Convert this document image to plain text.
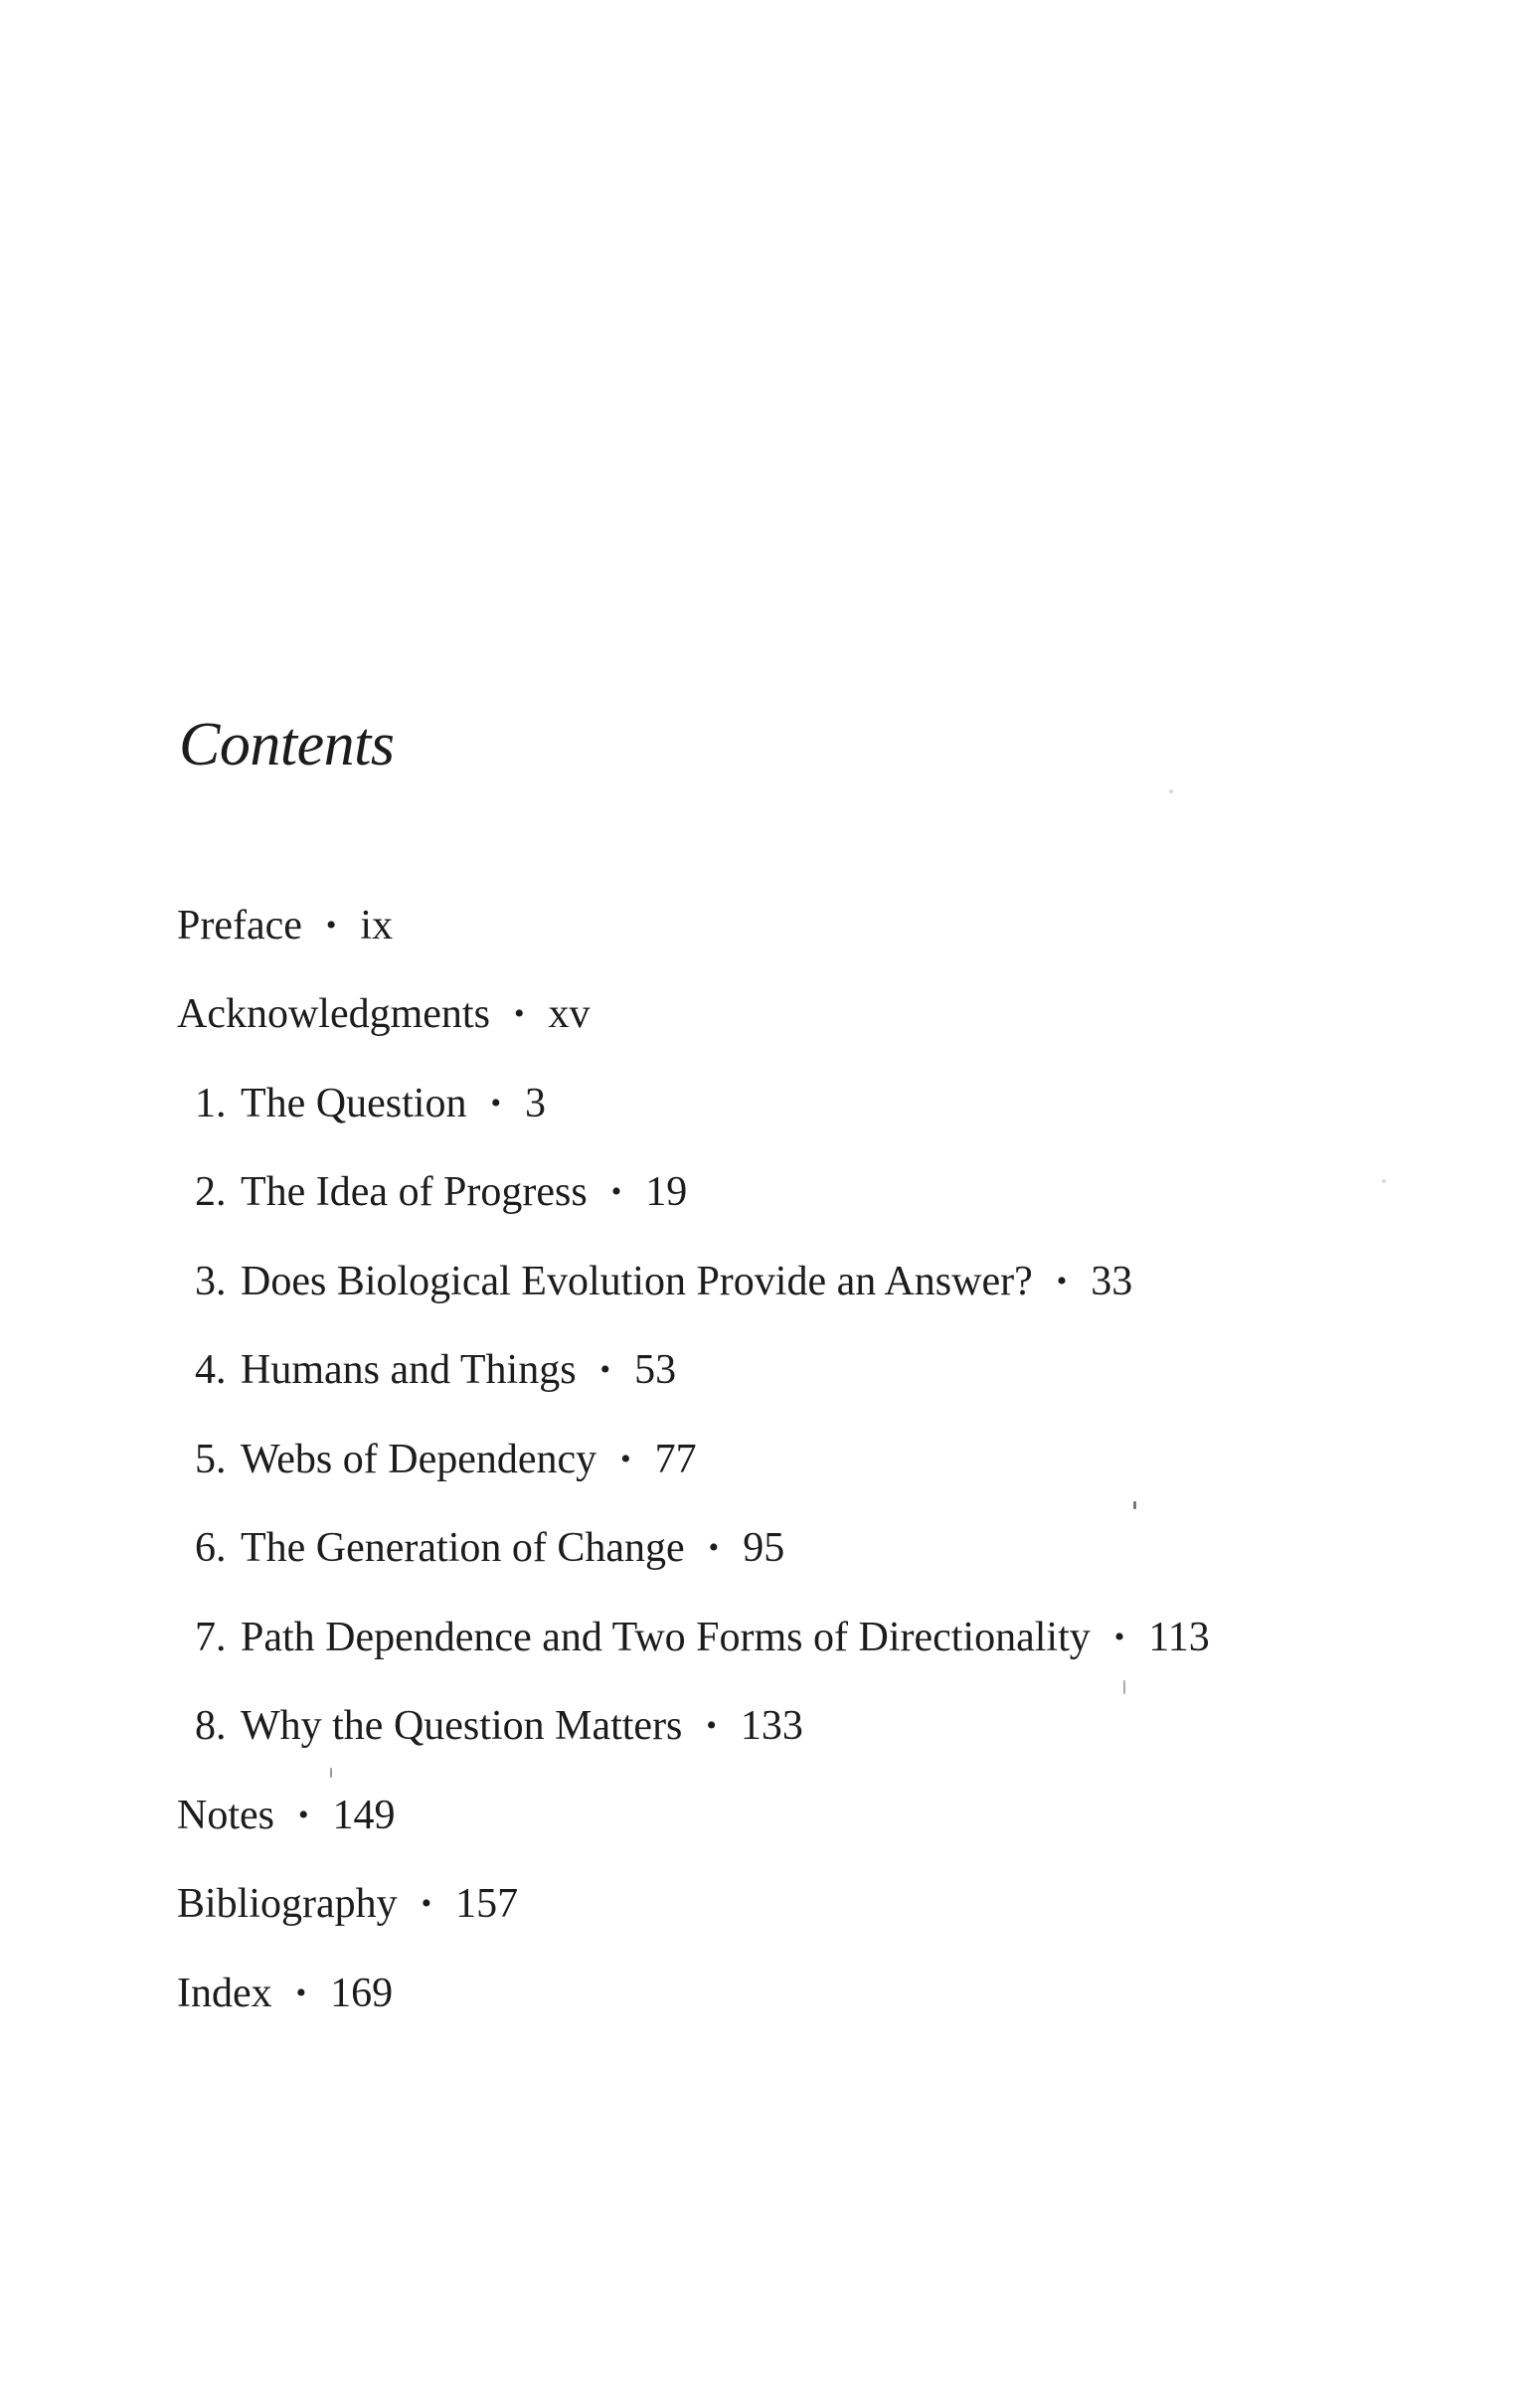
Contents
Preface • ix
Acknowledgments • xv
1. The Question • 3
2. The Idea of Progress • 19
3. Does Biological Evolution Provide an Answer? • 33
4. Humans and Things • 53
5. Webs of Dependency • 77
6. The Generation of Change • 95
7. Path Dependence and Two Forms of Directionality • 113
8. Why the Question Matters • 133
Notes • 149
Bibliography • 157
Index • 169
